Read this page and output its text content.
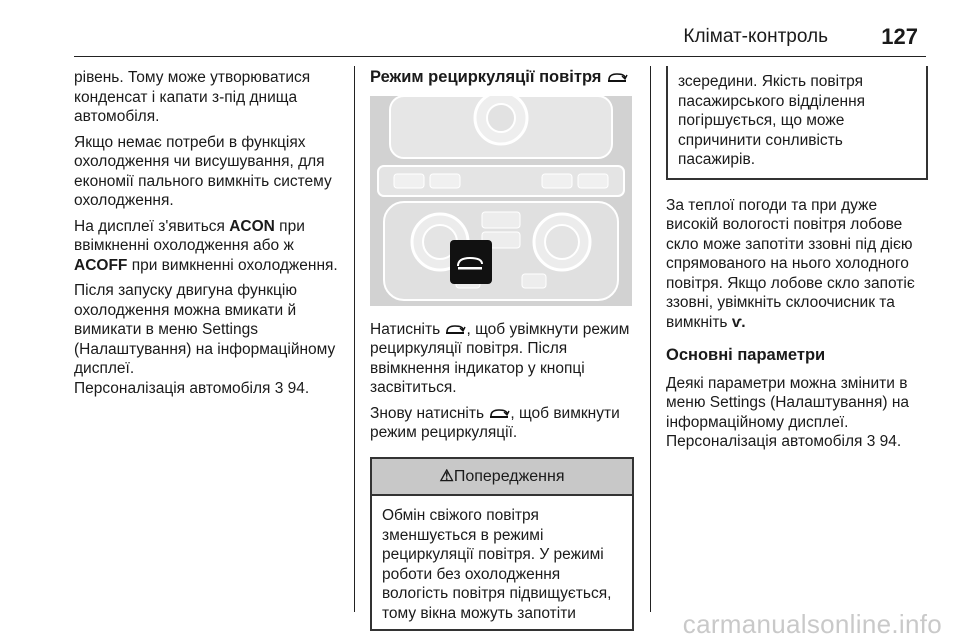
Клімат-контроль 127

рівень. Тому може утворюватися конденсат і капати з-під днища автомобіля.

Якщо немає потреби в функціях охолодження чи висушування, для економії пального вимкніть систему охолодження.

На дисплеї з'явиться ACON при ввімкненні охолодження або ж ACOFF при вимкненні охолодження.

Після запуску двигуна функцію охолодження можна вмикати й вимикати в меню Settings (Налаштування) на інформаційному дисплеї.
Персоналізація автомобіля 3 94.

Режим рециркуляції повітря

Натисніть , щоб увімкнути режим рециркуляції повітря. Після ввімкнення індикатор у кнопці засвітиться.

Знову натисніть , щоб вимкнути режим рециркуляції.

⚠Попередження

Обмін свіжого повітря зменшується в режимі рециркуляції повітря. У режимі роботи без охолодження вологість повітря підвищується, тому вікна можуть запотіти

зсередини. Якість повітря пасажирського відділення погіршується, що може спричинити сонливість пасажирів.

За теплої погоди та при дуже високій вологості повітря лобове скло може запотіти ззовні під дією спрямованого на нього холодного повітря. Якщо лобове скло запотіє ззовні, увімкніть склоочисник та вимкніть ⱱ.

Основні параметри

Деякі параметри можна змінити в меню Settings (Налаштування) на інформаційному дисплеї.
Персоналізація автомобіля 3 94.

carmanualsonline.info
